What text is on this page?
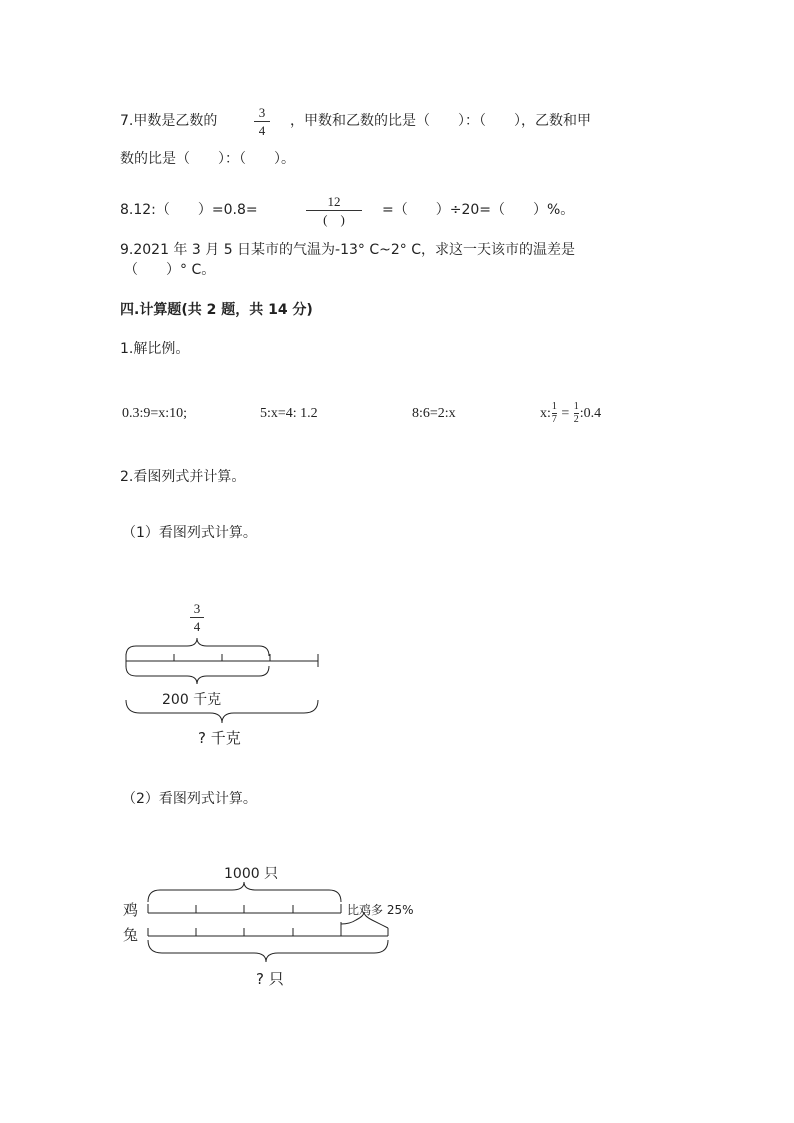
7.甲数是乙数的
3
4
，甲数和乙数的比是（　　）：（　　），乙数和甲
数的比是（　　）：（　　）。
8.12:（　　）=0.8=
12
(　)
=（　　）÷20=（　　）%。
9.2021 年 3 月 5 日某市的气温为-13° C~2° C，求这一天该市的温差是
（　　）° C。
四.计算题(共 2 题，共 14 分)
1.解比例。
0.3:9=x:10;	5:x=4: 1.2	8:6=2:x	x: $\frac{1}{7} = \frac{1}{2}$ :0.4
2.看图列式并计算。
（1）看图列式计算。
3
4
200 千克
? 千克
（2）看图列式计算。
1000 只
鸡
兔
比鸡多 25%
? 只
